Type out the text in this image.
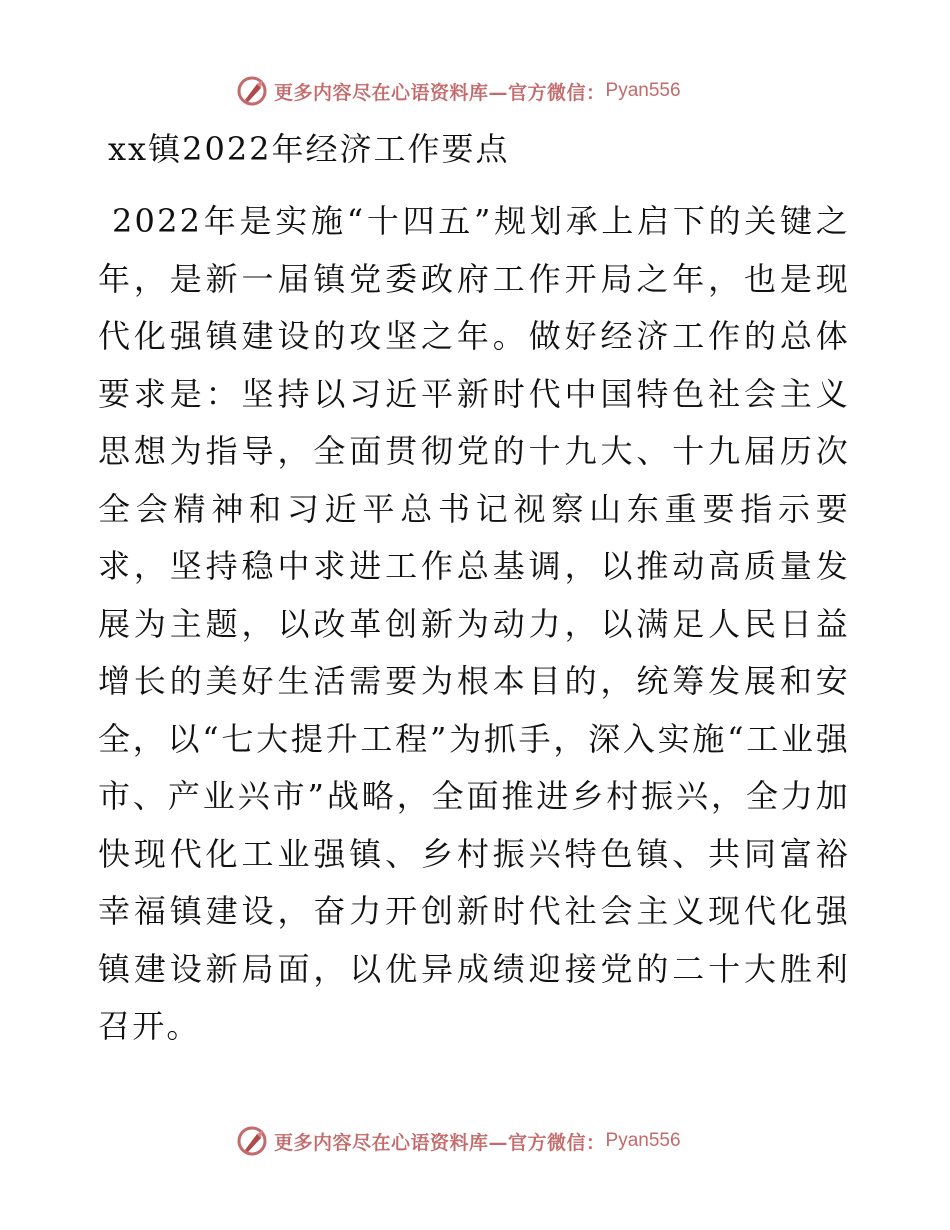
更多内容尽在心语资料库—官方微信： Pyan556
xx镇2022年经济工作要点

2022年是实施“十四五”规划承上启下的关键之年，是新一届镇党委政府工作开局之年，也是现代化强镇建设的攻坚之年。做好经济工作的总体要求是：坚持以习近平新时代中国特色社会主义思想为指导，全面贯彻党的十九大、十九届历次全会精神和习近平总书记视察山东重要指示要求，坚持稳中求进工作总基调，以推动高质量发展为主题，以改革创新为动力，以满足人民日益增长的美好生活需要为根本目的，统筹发展和安全，以“七大提升工程”为抓手，深入实施“工业强市、产业兴市”战略，全面推进乡村振兴，全力加快现代化工业强镇、乡村振兴特色镇、共同富裕幸福镇建设，奋力开创新时代社会主义现代化强镇建设新局面，以优异成绩迎接党的二十大胜利召开。

更多内容尽在心语资料库—官方微信： Pyan556
